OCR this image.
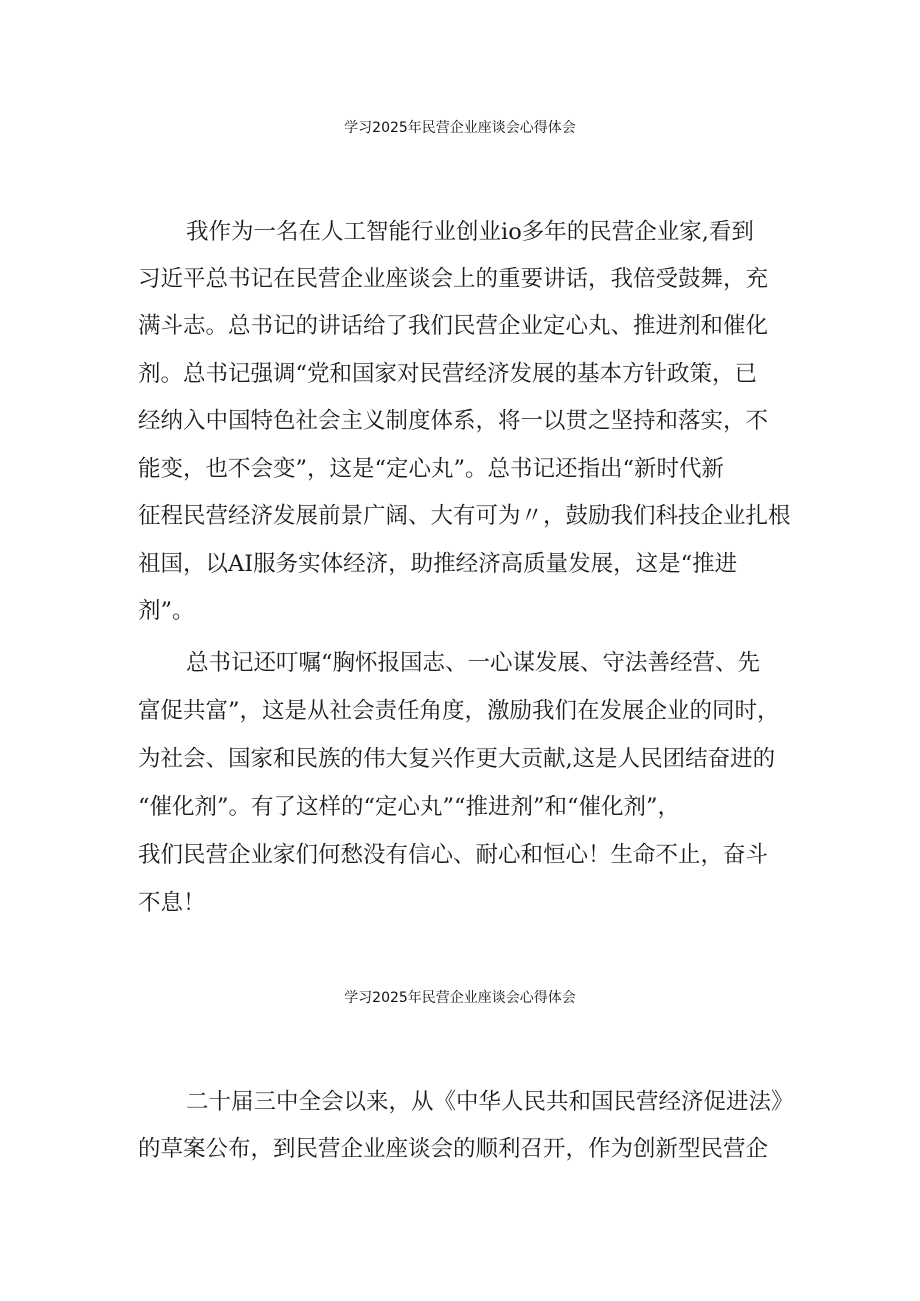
学习2025年民营企业座谈会心得体会
我作为一名在人工智能行业创业io多年的民营企业家,看到
习近平总书记在民营企业座谈会上的重要讲话，我倍受鼓舞，充
满斗志。总书记的讲话给了我们民营企业定心丸、推进剂和催化
剂。总书记强调“党和国家对民营经济发展的基本方针政策，已
经纳入中国特色社会主义制度体系，将一以贯之坚持和落实，不
能变，也不会变”，这是“定心丸”。总书记还指出“新时代新
征程民营经济发展前景广阔、大有可为〃，鼓励我们科技企业扎根
祖国，以AI服务实体经济，助推经济高质量发展，这是“推进
剂”。
总书记还叮嘱“胸怀报国志、一心谋发展、守法善经营、先
富促共富”，这是从社会责任角度，激励我们在发展企业的同时，
为社会、国家和民族的伟大复兴作更大贡献,这是人民团结奋进的
“催化剂”。有了这样的“定心丸”“推进剂”和“催化剂”，
我们民营企业家们何愁没有信心、耐心和恒心！生命不止，奋斗
不息！
学习2025年民营企业座谈会心得体会
二十届三中全会以来，从《中华人民共和国民营经济促进法》
的草案公布，到民营企业座谈会的顺利召开，作为创新型民营企
